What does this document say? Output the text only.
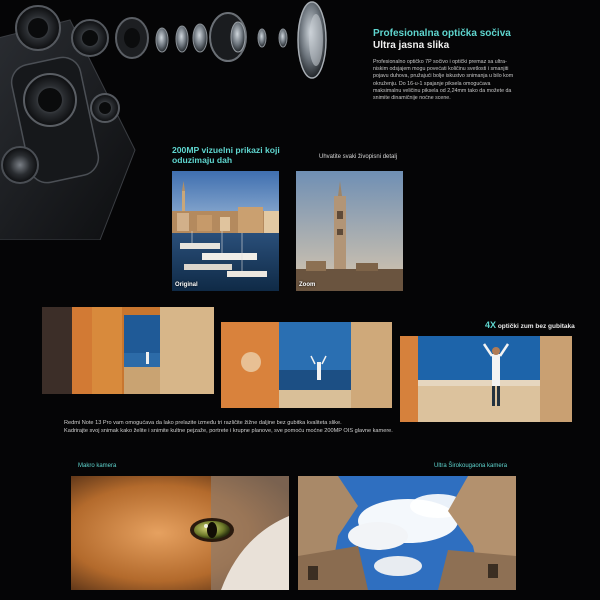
Profesionalna optička sočiva
Ultra jasna slika
Profesionalno optičko 7P sočivo i optički premaz sa ultra-niskim odsjajem mogu povećati količinu svetlosti i smanjiti pojavu duhova, pružajući bolje iskustvo snimanja u bilo kom okruženju. Do 16-u-1 spajanje piksela omogućava maksimalnu veličinu piksela od 2,24mm tako da možete da snimite dinamičnije noćne scene.
200MP vizuelni prikazi koji oduzimaju dah	Uhvatite svaki živopisni detalj
Original	Zoom
4X optički zum bez gubitaka
Redmi Note 13 Pro vam omogućava da lako prelazite između tri različite žižne daljine bez gubitka kvaliteta slike.
Kadrirajte svoj snimak kako želite i snimite kultne pejzaže, portrete i krupne planove, sve pomoću moćne 200MP OIS glavne kamere.
Makro kamera	Ultra Širokougaona kamera
